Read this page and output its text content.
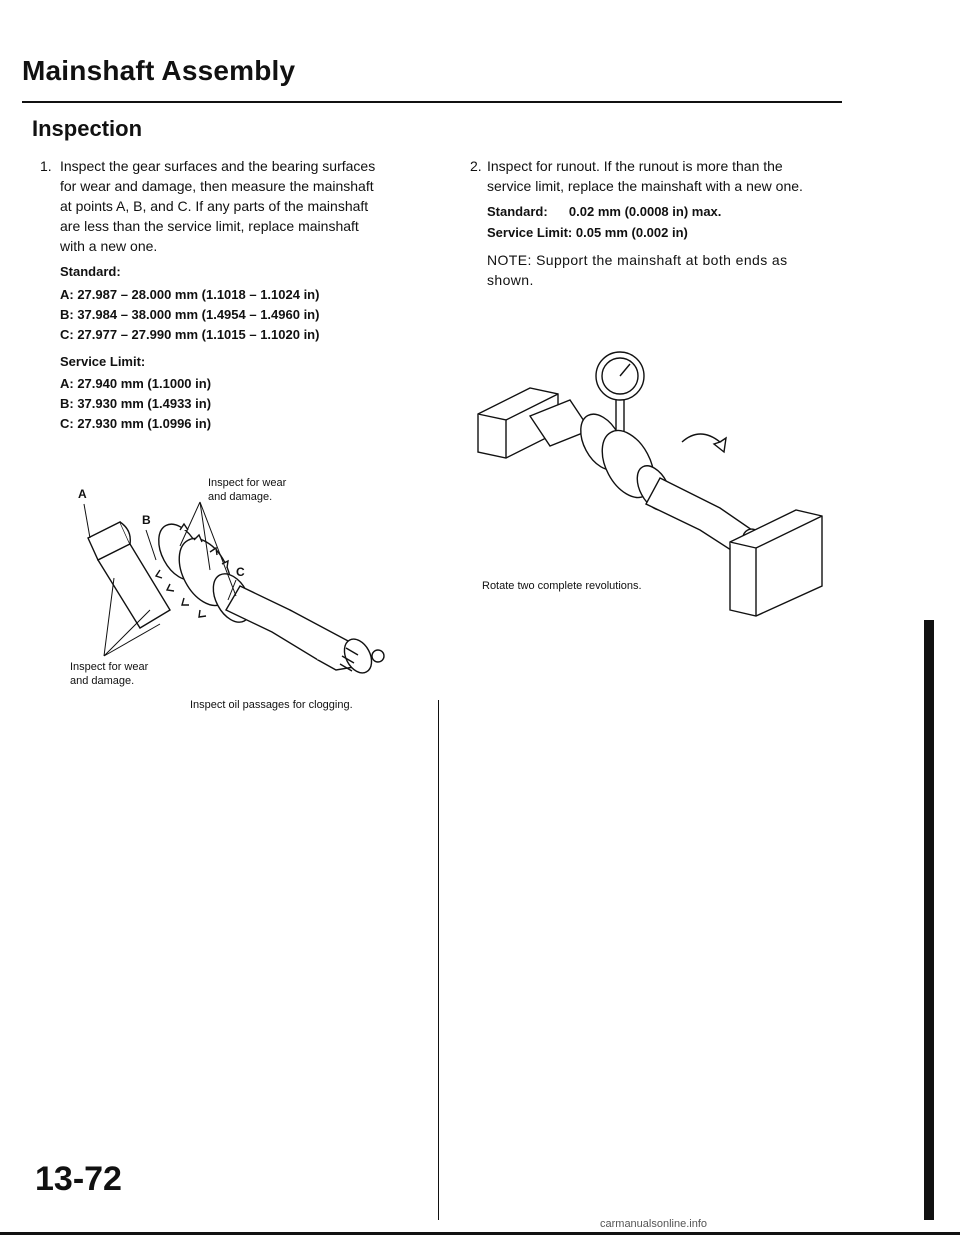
Mainshaft Assembly
Inspection
1. Inspect the gear surfaces and the bearing surfaces
for wear and damage, then measure the mainshaft
at points A, B, and C. If any parts of the mainshaft
are less than the service limit, replace mainshaft
with a new one.
Standard:
A: 27.987 – 28.000 mm (1.1018 – 1.1024 in)
B: 37.984 – 38.000 mm (1.4954 – 1.4960 in)
C: 27.977 – 27.990 mm (1.1015 – 1.1020 in)
Service Limit:
A: 27.940 mm (1.1000 in)
B: 37.930 mm (1.4933 in)
C: 27.930 mm (1.0996 in)
A
B
C
Inspect for wear
and damage.
Inspect for wear
and damage.
Inspect oil passages for clogging.
2. Inspect for runout. If the runout is more than the
service limit, replace the mainshaft with a new one.
Standard: 0.02 mm (0.0008 in) max.
Service Limit: 0.05 mm (0.002 in)
NOTE: Support the mainshaft at both ends as
shown.
Rotate two complete revolutions.
13-72
carmanualsonline.info
